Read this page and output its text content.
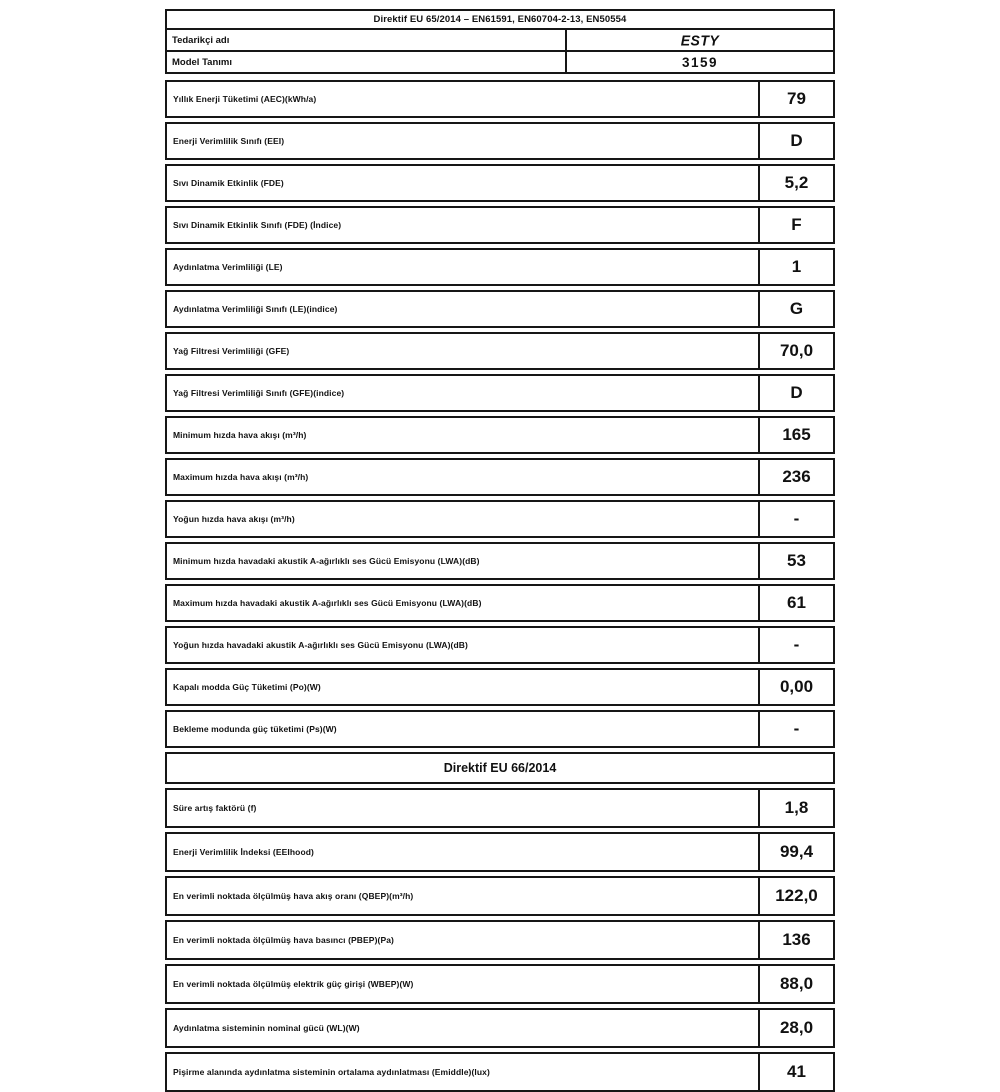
Direktif EU 65/2014 – EN61591, EN60704-2-13, EN50554
Tedarikçi adı	ESTY
Model Tanımı	3159
Yıllık Enerji Tüketimi (AEC)(kWh/a)	79
Enerji Verimlilik Sınıfı (EEI)	D
Sıvı Dinamik Etkinlik (FDE)	5,2
Sıvı Dinamik Etkinlik Sınıfı (FDE) (İndice)	F
Aydınlatma Verimliliği (LE)	1
Aydınlatma Verimliliği Sınıfı (LE)(indice)	G
Yağ Filtresi Verimliliği (GFE)	70,0
Yağ Filtresi Verimliliği Sınıfı (GFE)(indice)	D
Minimum hızda hava akışı (m³/h)	165
Maximum hızda hava akışı (m³/h)	236
Yoğun hızda hava akışı (m³/h)	-
Minimum hızda havadaki akustik A-ağırlıklı ses Gücü Emisyonu (LWA)(dB)	53
Maximum hızda havadaki akustik A-ağırlıklı ses Gücü Emisyonu (LWA)(dB)	61
Yoğun hızda havadaki akustik A-ağırlıklı ses Gücü Emisyonu (LWA)(dB)	-
Kapalı modda Güç Tüketimi (Po)(W)	0,00
Bekleme modunda güç tüketimi (Ps)(W)	-
Direktif EU 66/2014
Süre artış faktörü (f)	1,8
Enerji Verimlilik İndeksi (EEIhood)	99,4
En verimli noktada ölçülmüş hava akış oranı (QBEP)(m³/h)	122,0
En verimli noktada ölçülmüş hava basıncı (PBEP)(Pa)	136
En verimli noktada ölçülmüş elektrik güç girişi (WBEP)(W)	88,0
Aydınlatma sisteminin nominal gücü (WL)(W)	28,0
Pişirme alanında aydınlatma sisteminin ortalama aydınlatması (Emiddle)(lux)	41
